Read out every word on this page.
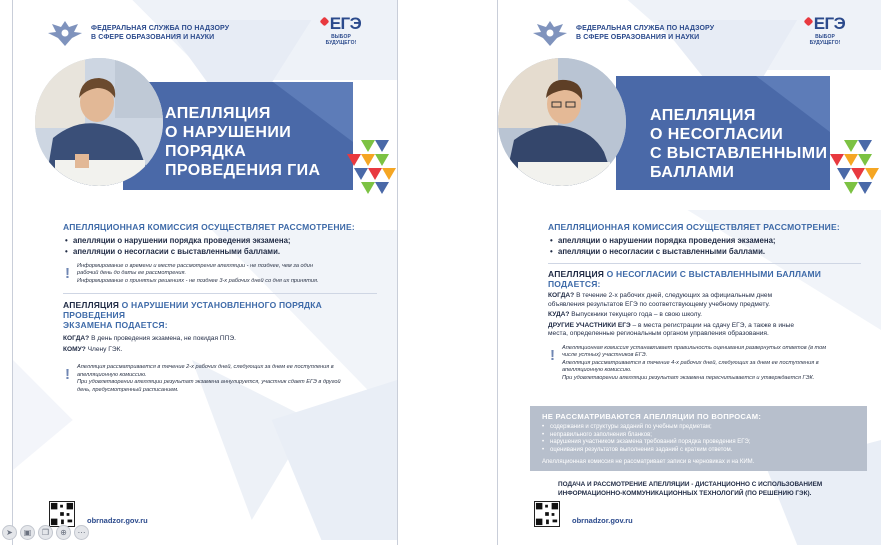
ФЕДЕРАЛЬНАЯ СЛУЖБА ПО НАДЗОРУ
В СФЕРЕ ОБРАЗОВАНИЯ И НАУКИ
ЕГЭ
ВЫБОР БУДУЩЕГО!
АПЕЛЛЯЦИЯ
О НАРУШЕНИИ
ПОРЯДКА
ПРОВЕДЕНИЯ ГИА
АПЕЛЛЯЦИОННАЯ КОМИССИЯ ОСУЩЕСТВЛЯЕТ РАССМОТРЕНИЕ:
• апелляции о нарушении порядка проведения экзамена;
• апелляции о несогласии с выставленными баллами.
! Информирование о времени и месте рассмотрения апелляции - не позднее, чем за один

рабочий день до даты ее рассмотрения.

Информирование о принятых решениях - не позднее 3-х рабочих дней со дня их принятия.

АПЕЛЛЯЦИЯ О НАРУШЕНИИ УСТАНОВЛЕННОГО ПОРЯДКА ПРОВЕДЕНИЯ
ЭКЗАМЕНА ПОДАЕТСЯ:

КОГДА? В день проведения экзамена, не покидая ППЭ.

КОМУ? Члену ГЭК.

! Апелляция рассматривается в течение 2-х рабочих дней, следующих за днем ее поступления в

апелляционную комиссию.

При удовлетворении апелляции результат экзамена аннулируется, участник сдает ЕГЭ в другой

день, предусмотренный расписанием.

obrnadzor.gov.ru
ФЕДЕРАЛЬНАЯ СЛУЖБА ПО НАДЗОРУ
В СФЕРЕ ОБРАЗОВАНИЯ И НАУКИ
ЕГЭ
ВЫБОР БУДУЩЕГО!
АПЕЛЛЯЦИЯ
О НЕСОГЛАСИИ
С ВЫСТАВЛЕННЫМИ
БАЛЛАМИ
АПЕЛЛЯЦИОННАЯ КОМИССИЯ ОСУЩЕСТВЛЯЕТ РАССМОТРЕНИЕ:
• апелляции о нарушении порядка проведения экзамена;
• апелляции о несогласии с выставленными баллами.
АПЕЛЛЯЦИЯ О НЕСОГЛАСИИ С ВЫСТАВЛЕННЫМИ БАЛЛАМИ
ПОДАЕТСЯ:

КОГДА? В течение 2-х рабочих дней, следующих за официальным днем
объявления результатов ЕГЭ по соответствующему учебному предмету.

КУДА? Выпускники текущего года – в свою школу.

ДРУГИЕ УЧАСТНИКИ ЕГЭ – в места регистрации на сдачу ЕГЭ, а также в иные
места, определенные региональным органом управления образования.

! Апелляционная комиссия устанавливает правильность оценивания развернутых ответов (в том

числе устных) участников ЕГЭ.

Апелляция рассматривается в течение 4-х рабочих дней, следующих за днем ее поступления в

апелляционную комиссию.

При удовлетворении апелляции результат экзамена пересчитывается и утверждается ГЭК.

НЕ РАССМАТРИВАЮТСЯ АПЕЛЛЯЦИИ ПО ВОПРОСАМ:
• содержания и структуры заданий по учебным предметам;
• неправильного заполнения бланков;
• нарушения участником экзамена требований порядка проведения ЕГЭ;
• оценивания результатов выполнения заданий с кратким ответом.
Апелляционная комиссия не рассматривает записи в черновиках и на КИМ.
ПОДАЧА И РАССМОТРЕНИЕ АПЕЛЛЯЦИИ - ДИСТАНЦИОННО С ИСПОЛЬЗОВАНИЕМ
ИНФОРМАЦИОННО-КОММУНИКАЦИОННЫХ ТЕХНОЛОГИЙ (ПО РЕШЕНИЮ ГЭК).
obrnadzor.gov.ru
➤	▣	❐	⊕	⋯
